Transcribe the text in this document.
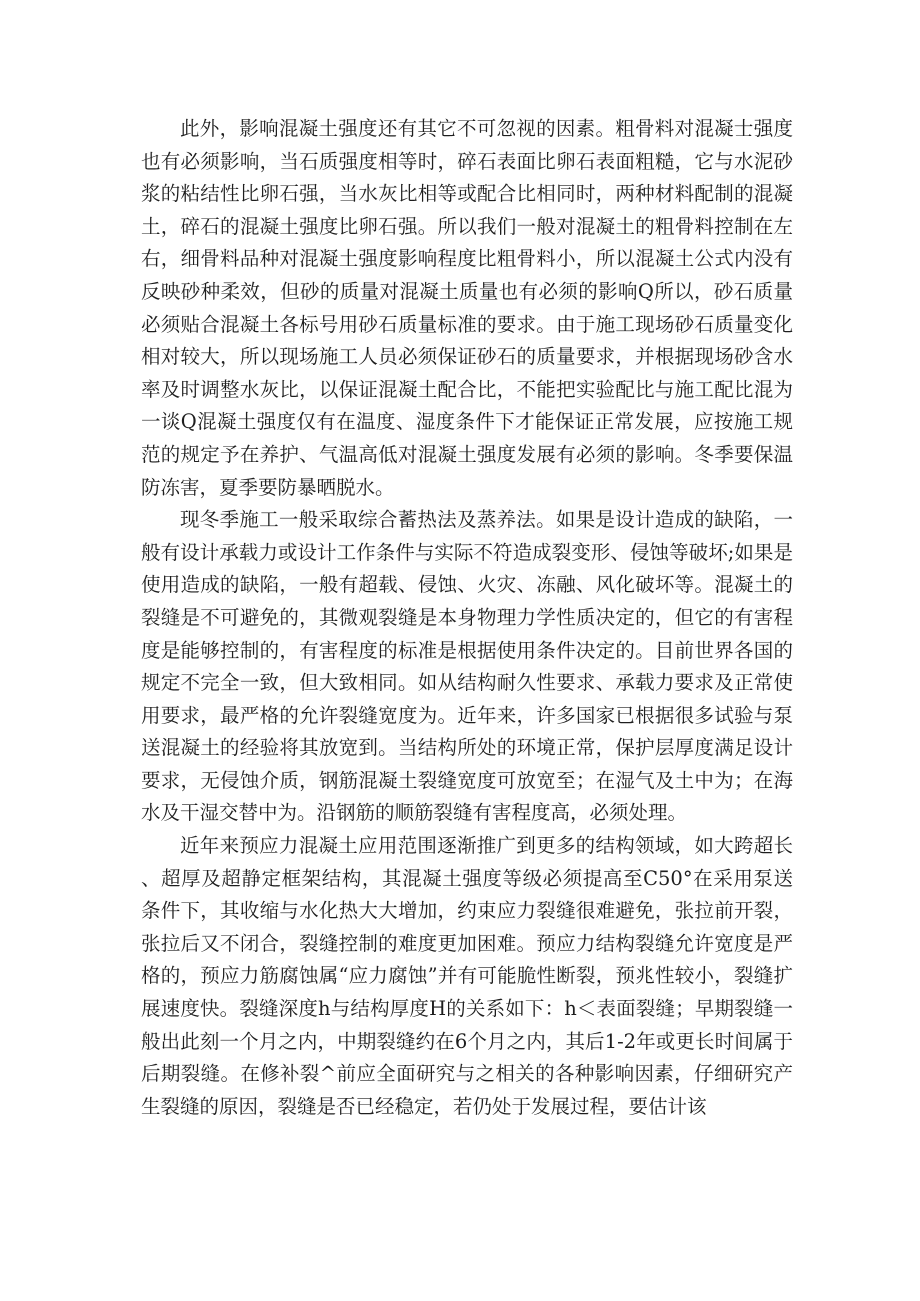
此外，影响混凝土强度还有其它不可忽视的因素。粗骨料对混凝士强度也有必须影响，当石质强度相等时，碎石表面比卵石表面粗糙，它与水泥砂浆的粘结性比卵石强，当水灰比相等或配合比相同时，两种材料配制的混凝土，碎石的混凝土强度比卵石强。所以我们一般对混凝土的粗骨料控制在左右，细骨料品种对混凝土强度影响程度比粗骨料小，所以混凝土公式内没有反映砂种柔效，但砂的质量对混凝土质量也有必须的影响Q所以，砂石质量必须贴合混凝土各标号用砂石质量标准的要求。由于施工现场砂石质量变化相对较大，所以现场施工人员必须保证砂石的质量要求，并根据现场砂含水率及时调整水灰比，以保证混凝土配合比，不能把实验配比与施工配比混为一谈Q混凝土强度仅有在温度、湿度条件下才能保证正常发展，应按施工规范的规定予在养护、气温高低对混凝土强度发展有必须的影响。冬季要保温防冻害，夏季要防暴晒脱水。

现冬季施工一般采取综合蓄热法及蒸养法。如果是设计造成的缺陷，一般有设计承载力或设计工作条件与实际不符造成裂变形、侵蚀等破坏;如果是使用造成的缺陷，一般有超载、侵蚀、火灾、冻融、风化破坏等。混凝土的裂缝是不可避免的，其微观裂缝是本身物理力学性质决定的，但它的有害程度是能够控制的，有害程度的标准是根据使用条件决定的。目前世界各国的规定不完全一致，但大致相同。如从结构耐久性要求、承载力要求及正常使用要求，最严格的允许裂缝宽度为。近年来，许多国家已根据很多试验与泵送混凝土的经验将其放宽到。当结构所处的环境正常，保护层厚度满足设计要求，无侵蚀介质，钢筋混凝土裂缝宽度可放宽至；在湿气及土中为；在海水及干湿交替中为。沿钢筋的顺筋裂缝有害程度高，必须处理。

近年来预应力混凝土应用范围逐渐推广到更多的结构领域，如大跨超长、超厚及超静定框架结构，其混凝土强度等级必须提高至C50°在采用泵送条件下，其收缩与水化热大大增加，约束应力裂缝很难避免，张拉前开裂，张拉后又不闭合，裂缝控制的难度更加困难。预应力结构裂缝允许宽度是严格的，预应力筋腐蚀属“应力腐蚀”并有可能脆性断裂，预兆性较小，裂缝扩展速度快。裂缝深度h与结构厚度H的关系如下：h＜表面裂缝；早期裂缝一般出此刻一个月之内，中期裂缝约在6个月之内，其后1-2年或更长时间属于后期裂缝。在修补裂^前应全面研究与之相关的各种影响因素，仔细研究产生裂缝的原因，裂缝是否已经稳定，若仍处于发展过程，要估计该
